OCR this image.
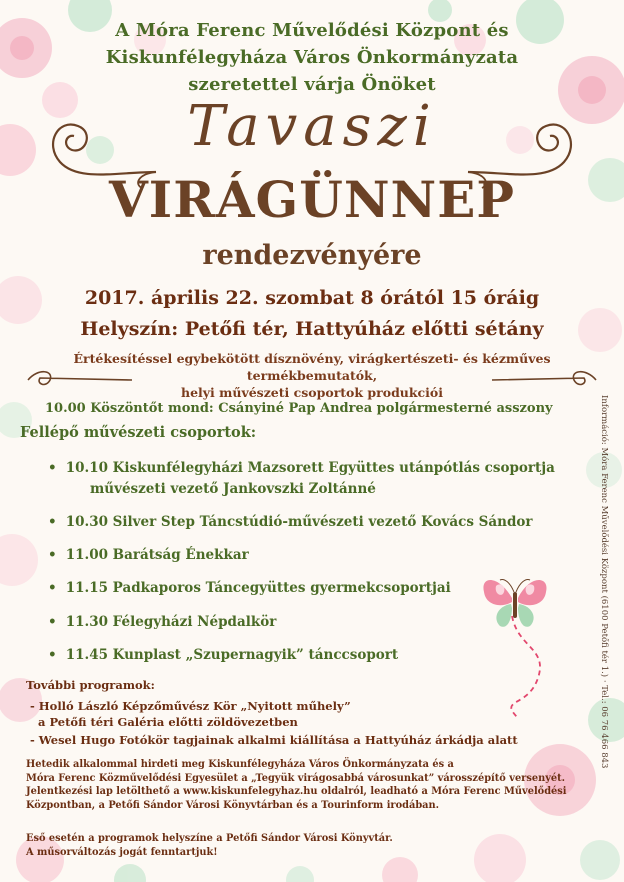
A Móra Ferenc Művelődési Központ és
Kiskunfélegyháza Város Önkormányzata
szeretettel várja Önöket
Tavaszi
VIRÁGÜNNEP
rendezvényére
2017. április 22. szombat 8 órától 15 óráig
Helyszín: Petőfi tér, Hattyúház előtti sétány
Értékesítéssel egybekötött dísznövény, virágkertészeti- és kézműves termékbemutatók,
helyi művészeti csoportok produkciói
10.00 Köszöntőt mond: Csányiné Pap Andrea polgármesterné asszony
Fellépő művészeti csoportok:
• 10.10 Kiskunfélegyházi Mazsorett Együttes utánpótlás csoportja
művészeti vezető Jankovszki Zoltánné
• 10.30 Silver Step Táncstúdió-művészeti vezető Kovács Sándor
• 11.00 Barátság Énekkar
• 11.15 Padkaporos Táncegyüttes gyermekcsoportjai
• 11.30 Félegyházi Népdalkör
• 11.45 Kunplast „Szupernagyik” tánccsoport
További programok:
- Holló László Képzőművész Kör „Nyitott műhely”
a Petőfi téri Galéria előtti zöldövezetben
- Wesel Hugo Fotókör tagjainak alkalmi kiállítása a Hattyúház árkádja alatt
Hetedik alkalommal hirdeti meg Kiskunfélegyháza Város Önkormányzata és a
Móra Ferenc Közművelődési Egyesület a „Tegyük virágosabbá városunkat” városszépítő versenyét.
Jelentkezési lap letölthető a www.kiskunfelegyhaz.hu oldalról, leadható a Móra Ferenc Művelődési
Központban, a Petőfi Sándor Városi Könyvtárban és a Tourinform irodában.
Eső esetén a programok helyszíne a Petőfi Sándor Városi Könyvtár.
A műsorváltozás jogát fenntartjuk!
Információ: Móra Ferenc Művelődési Központ (6100 Petőfi tér 1.) · Tel.: 06 76 466 843
